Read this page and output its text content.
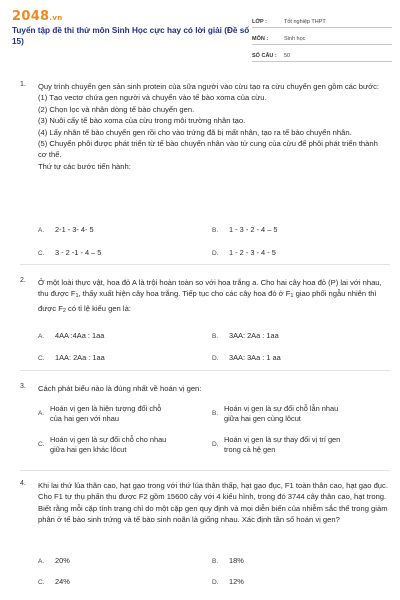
2048.vn
Tuyển tập đề thi thử môn Sinh Học cực hay có lời giải (Đề số 15)
LỚP :	Tốt nghiệp THPT
MÔN :	Sinh học
SỐ CÂU :	50
1. Quy trình chuyển gen sản sinh protein của sữa người vào cừu tạo ra cừu chuyển gen gồm các bước:
(1) Tạo vectơ chứa gen người và chuyển vào tế bào xoma của cừu.
(2) Chọn lọc và nhân dòng tế bào chuyển gen.
(3) Nuôi cấy tế bào xoma của cừu trong môi trường nhân tạo.
(4) Lấy nhân tế bào chuyển gen rồi cho vào trứng đã bị mất nhân, tạo ra tế bào chuyển nhân.
(5) Chuyển phôi được phát triển từ tế bào chuyển nhân vào tử cung của cừu để phôi phát triển thành cơ thể.
Thứ tự các bước tiến hành:
A. 2-1 - 3- 4- 5	B. 1 - 3 - 2 - 4 – 5
C. 3 - 2 -1 - 4 – 5	D. 1 - 2 - 3 - 4 - 5
2. Ở một loài thực vật, hoa đỏ A là trội hoàn toàn so với hoa trắng a. Cho hai cây hoa đỏ (P) lai với nhau, thu được $F_1$, thấy xuất hiện cây hoa trắng. Tiếp tục cho các cây hoa đỏ ở $F_1$ giao phối ngẫu nhiên thì được $F_2$ có tỉ lệ kiểu gen là:
A. 4AA :4Aa : 1aa	B. 3AA: 2Aa : 1aa
C. 1AA: 2Aa : 1aa	D. 3AA: 3Aa : 1 aa
3. Cách phát biểu nào là đúng nhất về hoán vị gen:
A.
Hoán vị gen là hiện tượng đổi chỗ
của hai gen với nhau
B.
Hoán vị gen là sự đổi chỗ lẫn nhau
giữa hai gen cùng lôcut
C.
Hoán vị gen là sự đổi chỗ cho nhau
giữa hai gen khác lôcut
D.
Hoán vị gen là sự thay đổi vị trí gen
trong cả hệ gen
4. Khi lai thứ lúa thân cao, hạt gạo trong với thứ lúa thân thấp, hạt gạo đục, F1 toàn thân cao, hạt gạo đục. Cho F1 tự thụ phấn thu được F2 gồm 15600 cây với 4 kiểu hình, trong đó 3744 cây thân cao, hạt trong. Biết rằng mỗi cặp tính trạng chỉ do một cặp gen quy định và mọi diễn biến của nhiễm sắc thể trong giảm phân ở tế bào sinh trứng và tế bào sinh noãn là giống nhau. Xác định tần số hoán vị gen?
A. 20%	B. 18%
C. 24%	D. 12%
